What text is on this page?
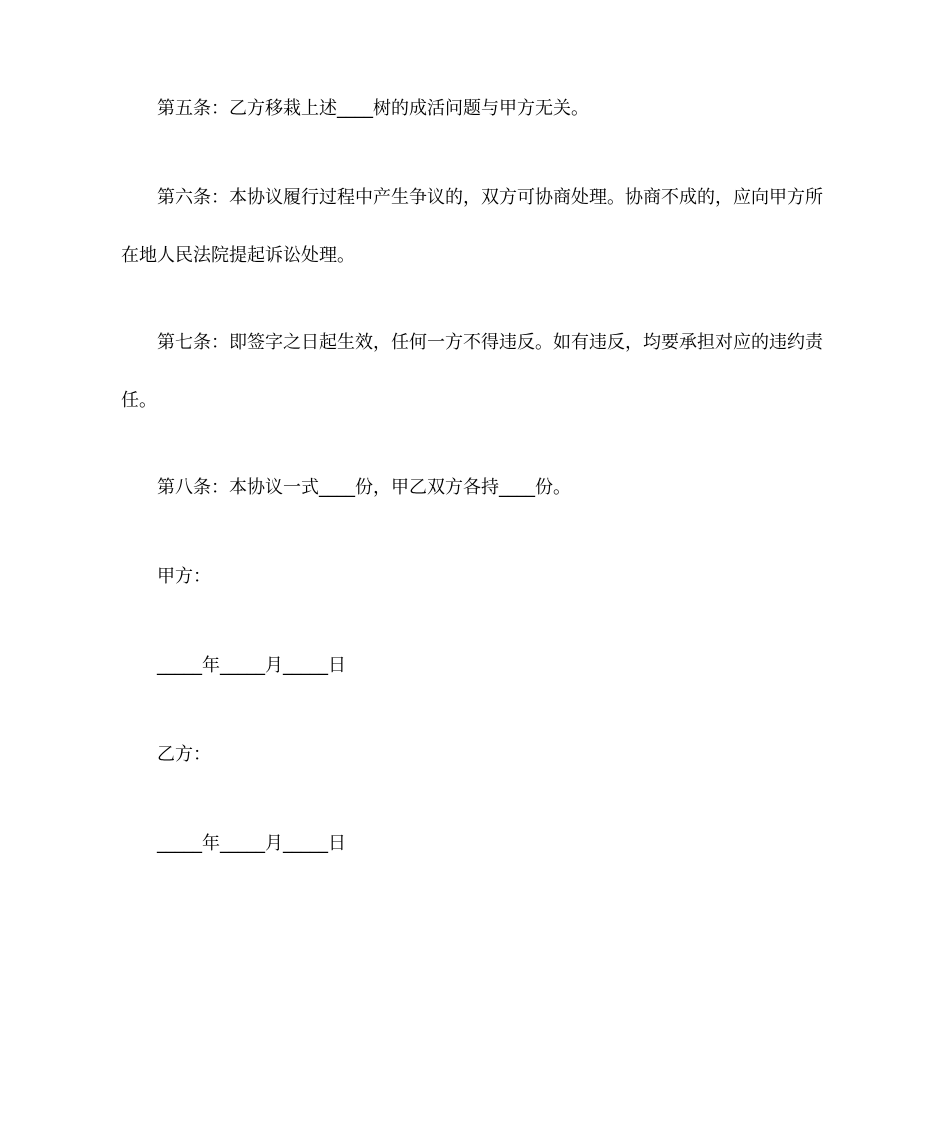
第五条：乙方移栽上述____树的成活问题与甲方无关。

第六条：本协议履行过程中产生争议的，双方可协商处理。协商不成的，应向甲方所在地人民法院提起诉讼处理。

第七条：即签字之日起生效，任何一方不得违反。如有违反，均要承担对应的违约责任。

第八条：本协议一式____份，甲乙双方各持____份。

甲方：

_____年_____月_____日

乙方：

_____年_____月_____日
